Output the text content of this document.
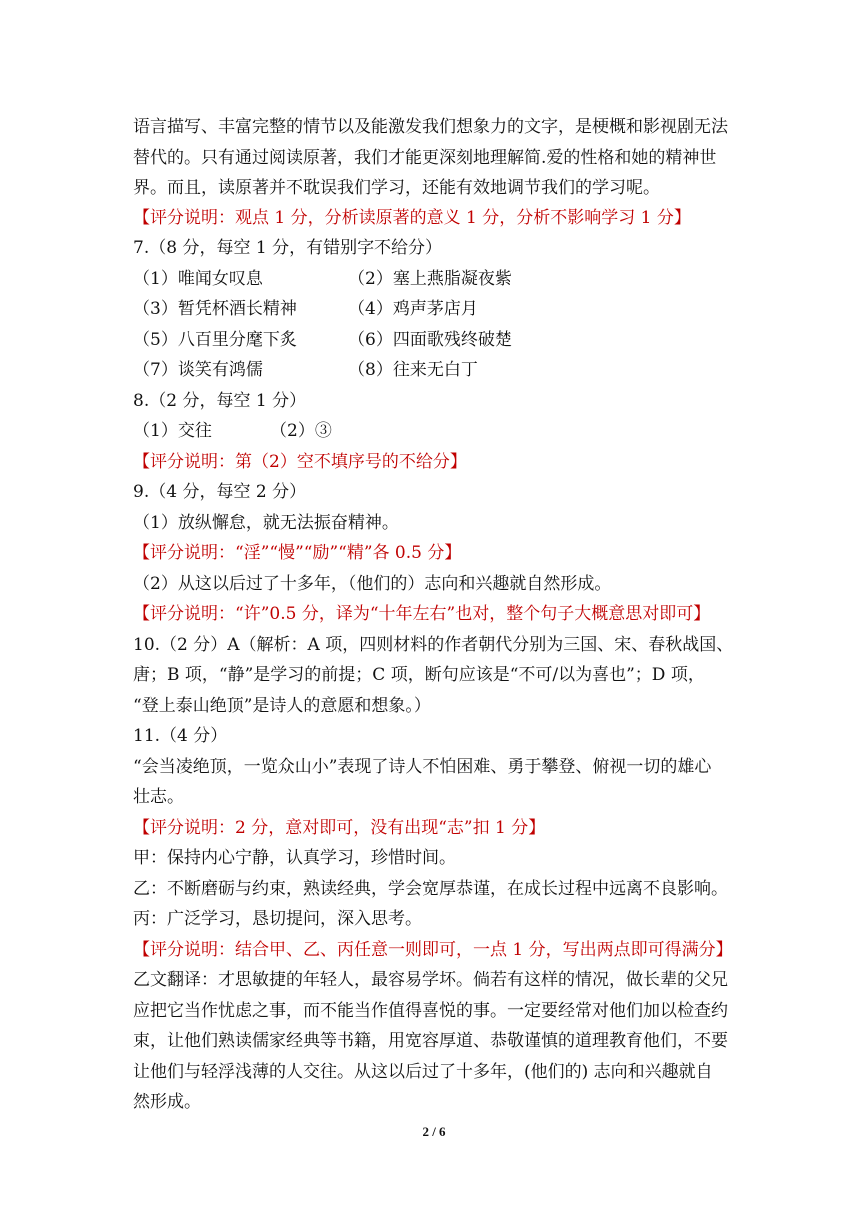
语言描写、丰富完整的情节以及能激发我们想象力的文字，是梗概和影视剧无法
替代的。只有通过阅读原著，我们才能更深刻地理解简.爱的性格和她的精神世
界。而且，读原著并不耽误我们学习，还能有效地调节我们的学习呢。
【评分说明：观点 1 分，分析读原著的意义 1 分，分析不影响学习 1 分】
7.（8 分，每空 1 分，有错别字不给分）
（1）唯闻女叹息	（2）塞上燕脂凝夜紫
（3）暂凭杯酒长精神	（4）鸡声茅店月
（5）八百里分麾下炙	（6）四面歌残终破楚
（7）谈笑有鸿儒	（8）往来无白丁
8.（2 分，每空 1 分）
（1）交往	（2）③
【评分说明：第（2）空不填序号的不给分】
9.（4 分，每空 2 分）
（1）放纵懈怠，就无法振奋精神。
【评分说明：“淫”“慢”“励”“精”各 0.5 分】
（2）从这以后过了十多年，（他们的）志向和兴趣就自然形成。
【评分说明：“许”0.5 分，译为“十年左右”也对，整个句子大概意思对即可】
10.（2 分）A（解析：A 项，四则材料的作者朝代分别为三国、宋、春秋战国、
唐；B 项，“静”是学习的前提；C 项，断句应该是“不可/以为喜也”；D 项，
“登上泰山绝顶”是诗人的意愿和想象。）
11.（4 分）
“会当凌绝顶，一览众山小”表现了诗人不怕困难、勇于攀登、俯视一切的雄心
壮志。
【评分说明：2 分，意对即可，没有出现“志”扣 1 分】
甲：保持内心宁静，认真学习，珍惜时间。
乙：不断磨砺与约束，熟读经典，学会宽厚恭谨，在成长过程中远离不良影响。
丙：广泛学习，恳切提问，深入思考。
【评分说明：结合甲、乙、丙任意一则即可，一点 1 分，写出两点即可得满分】
乙文翻译：才思敏捷的年轻人，最容易学坏。倘若有这样的情况，做长辈的父兄
应把它当作忧虑之事，而不能当作值得喜悦的事。一定要经常对他们加以检查约
束，让他们熟读儒家经典等书籍，用宽容厚道、恭敬谨慎的道理教育他们，不要
让他们与轻浮浅薄的人交往。从这以后过了十多年，(他们的) 志向和兴趣就自
然形成。
2 / 6
